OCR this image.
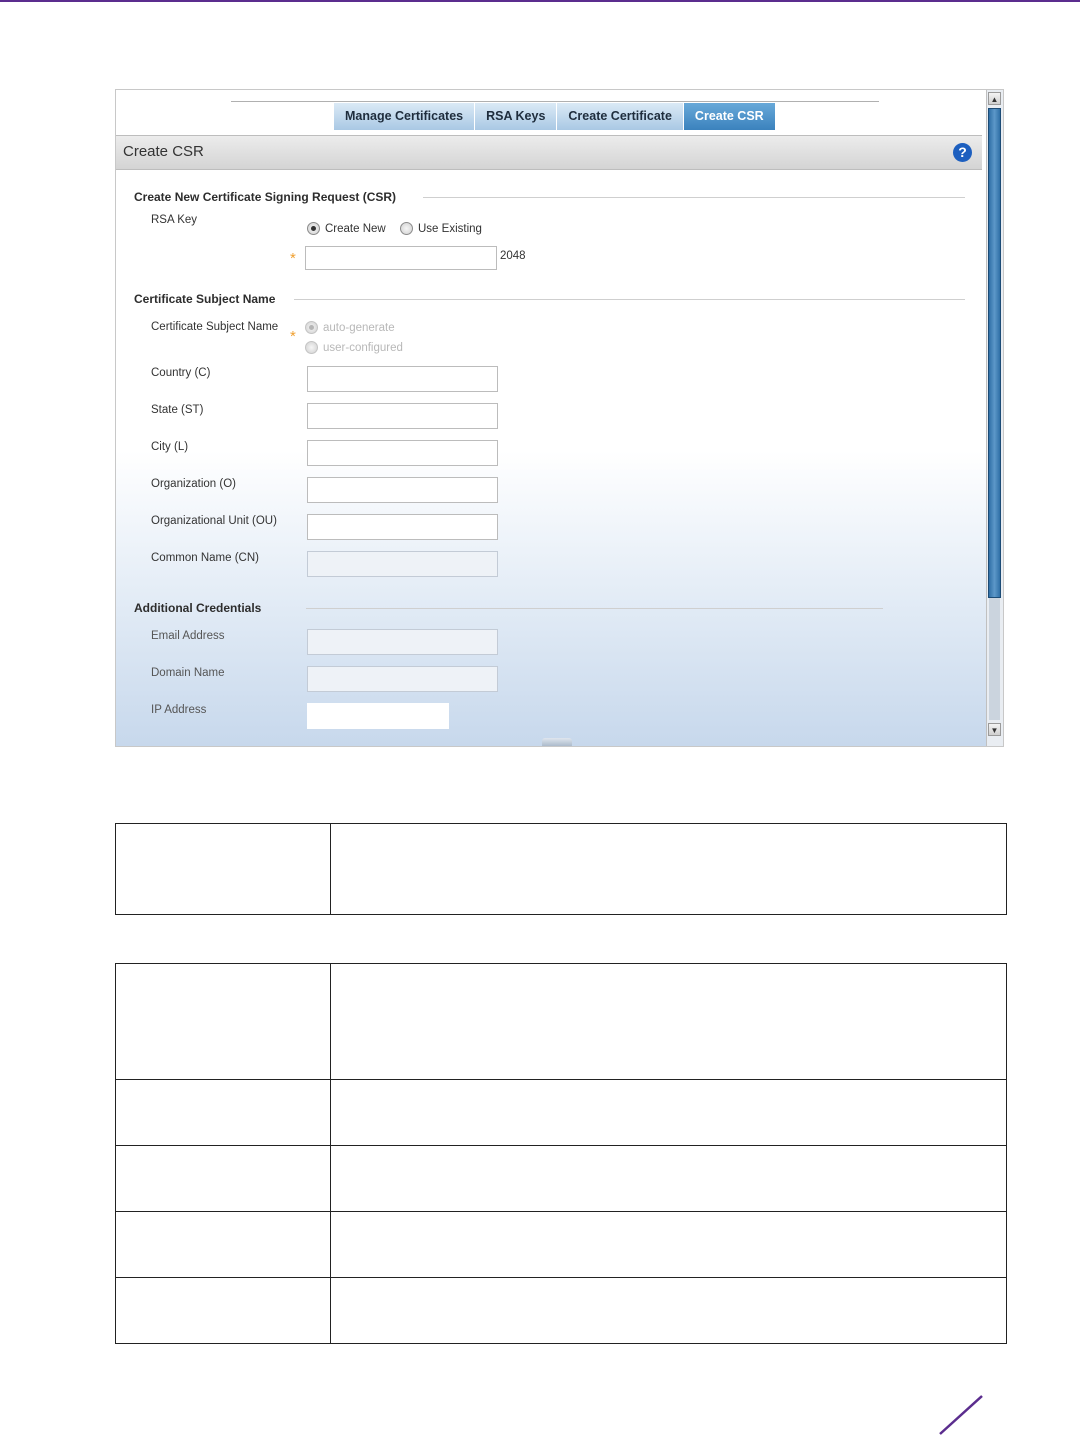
Manage Certificates	RSA Keys	Create Certificate	Create CSR
Create CSR	?
Create New Certificate Signing Request (CSR)
RSA Key
Create New	Use Existing
*	2048
Certificate Subject Name
Certificate Subject Name
*
auto-generate
user-configured
Country (C)
State (ST)
City (L)
Organization (O)
Organizational Unit (OU)
Common Name (CN)
Additional Credentials
Email Address
Domain Name
IP Address
▲
▼
